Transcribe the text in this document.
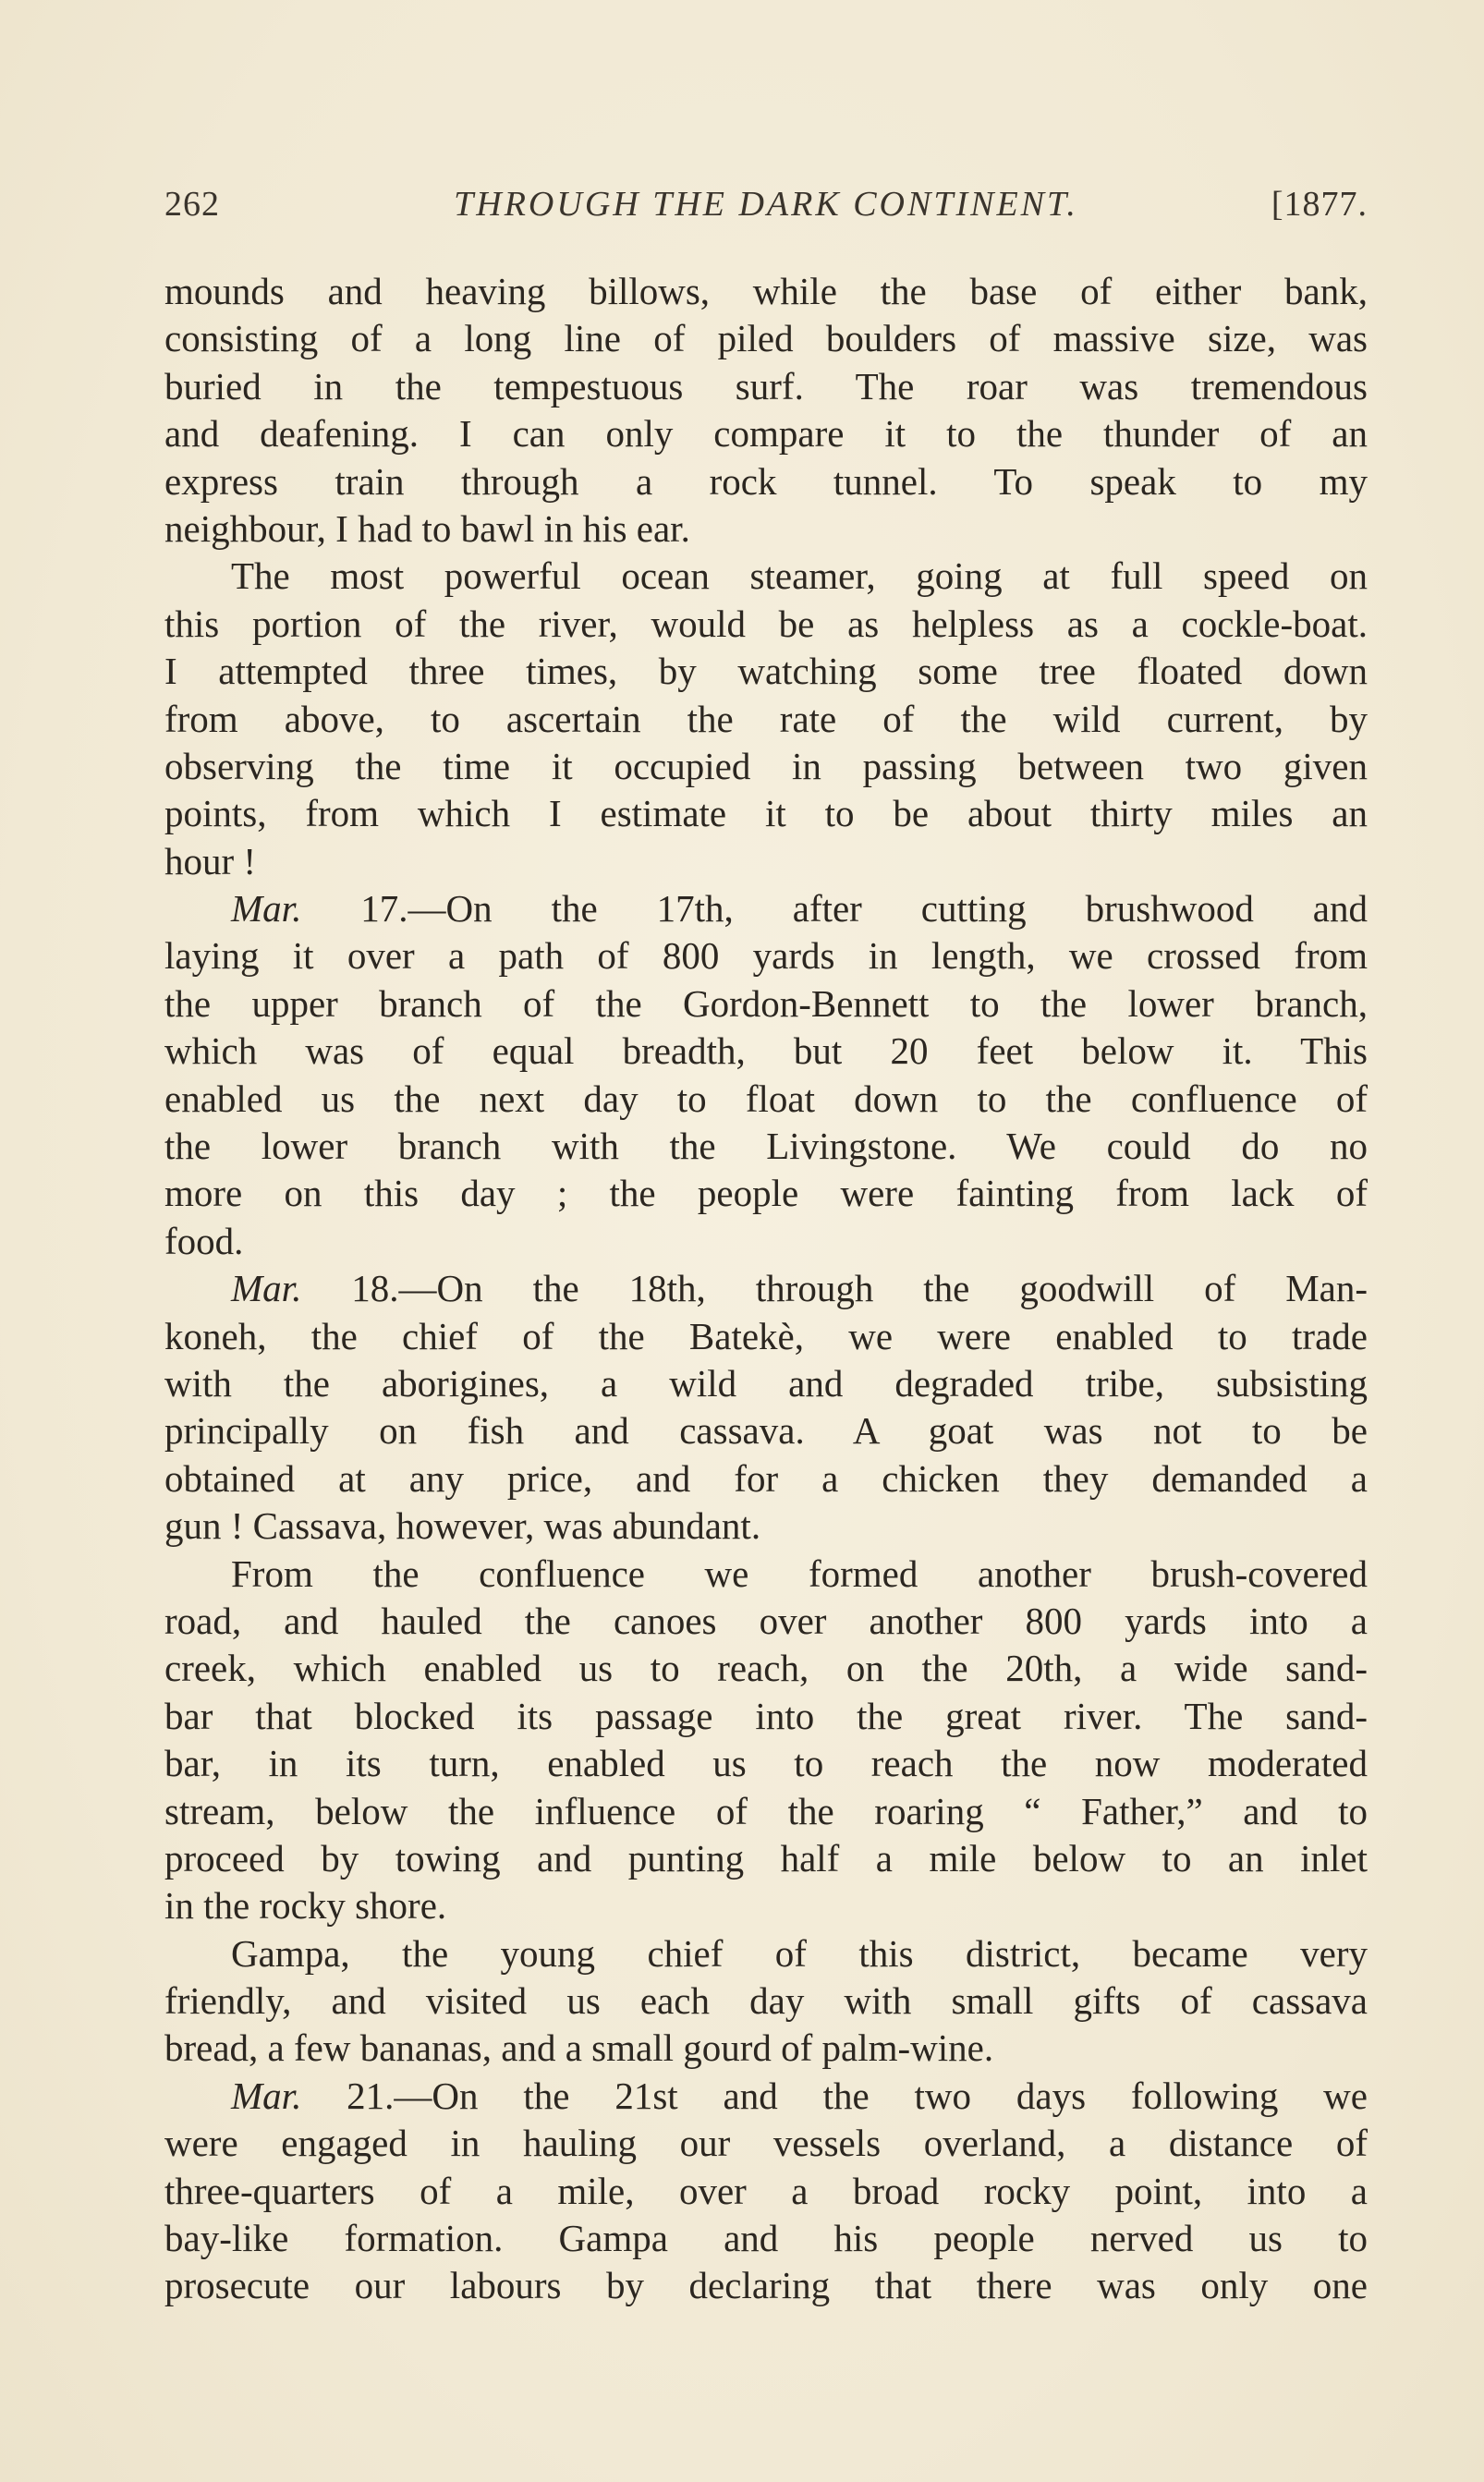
262	THROUGH THE DARK CONTINENT.	[1877.
mounds and heaving billows, while the base of either bank,
consisting of a long line of piled boulders of massive size, was
buried in the tempestuous surf. The roar was tremendous
and deafening. I can only compare it to the thunder of an
express train through a rock tunnel. To speak to my
neighbour, I had to bawl in his ear.
The most powerful ocean steamer, going at full speed on
this portion of the river, would be as helpless as a cockle-boat.
I attempted three times, by watching some tree floated down
from above, to ascertain the rate of the wild current, by
observing the time it occupied in passing between two given
points, from which I estimate it to be about thirty miles an
hour !
Mar. 17.—On the 17th, after cutting brushwood and
laying it over a path of 800 yards in length, we crossed from
the upper branch of the Gordon-Bennett to the lower branch,
which was of equal breadth, but 20 feet below it. This
enabled us the next day to float down to the confluence of
the lower branch with the Livingstone. We could do no
more on this day ; the people were fainting from lack of
food.
Mar. 18.—On the 18th, through the goodwill of Man-
koneh, the chief of the Batekè, we were enabled to trade
with the aborigines, a wild and degraded tribe, subsisting
principally on fish and cassava. A goat was not to be
obtained at any price, and for a chicken they demanded a
gun ! Cassava, however, was abundant.
From the confluence we formed another brush-covered
road, and hauled the canoes over another 800 yards into a
creek, which enabled us to reach, on the 20th, a wide sand-
bar that blocked its passage into the great river. The sand-
bar, in its turn, enabled us to reach the now moderated
stream, below the influence of the roaring “ Father,” and to
proceed by towing and punting half a mile below to an inlet
in the rocky shore.
Gampa, the young chief of this district, became very
friendly, and visited us each day with small gifts of cassava
bread, a few bananas, and a small gourd of palm-wine.
Mar. 21.—On the 21st and the two days following we
were engaged in hauling our vessels overland, a distance of
three-quarters of a mile, over a broad rocky point, into a
bay-like formation. Gampa and his people nerved us to
prosecute our labours by declaring that there was only one
